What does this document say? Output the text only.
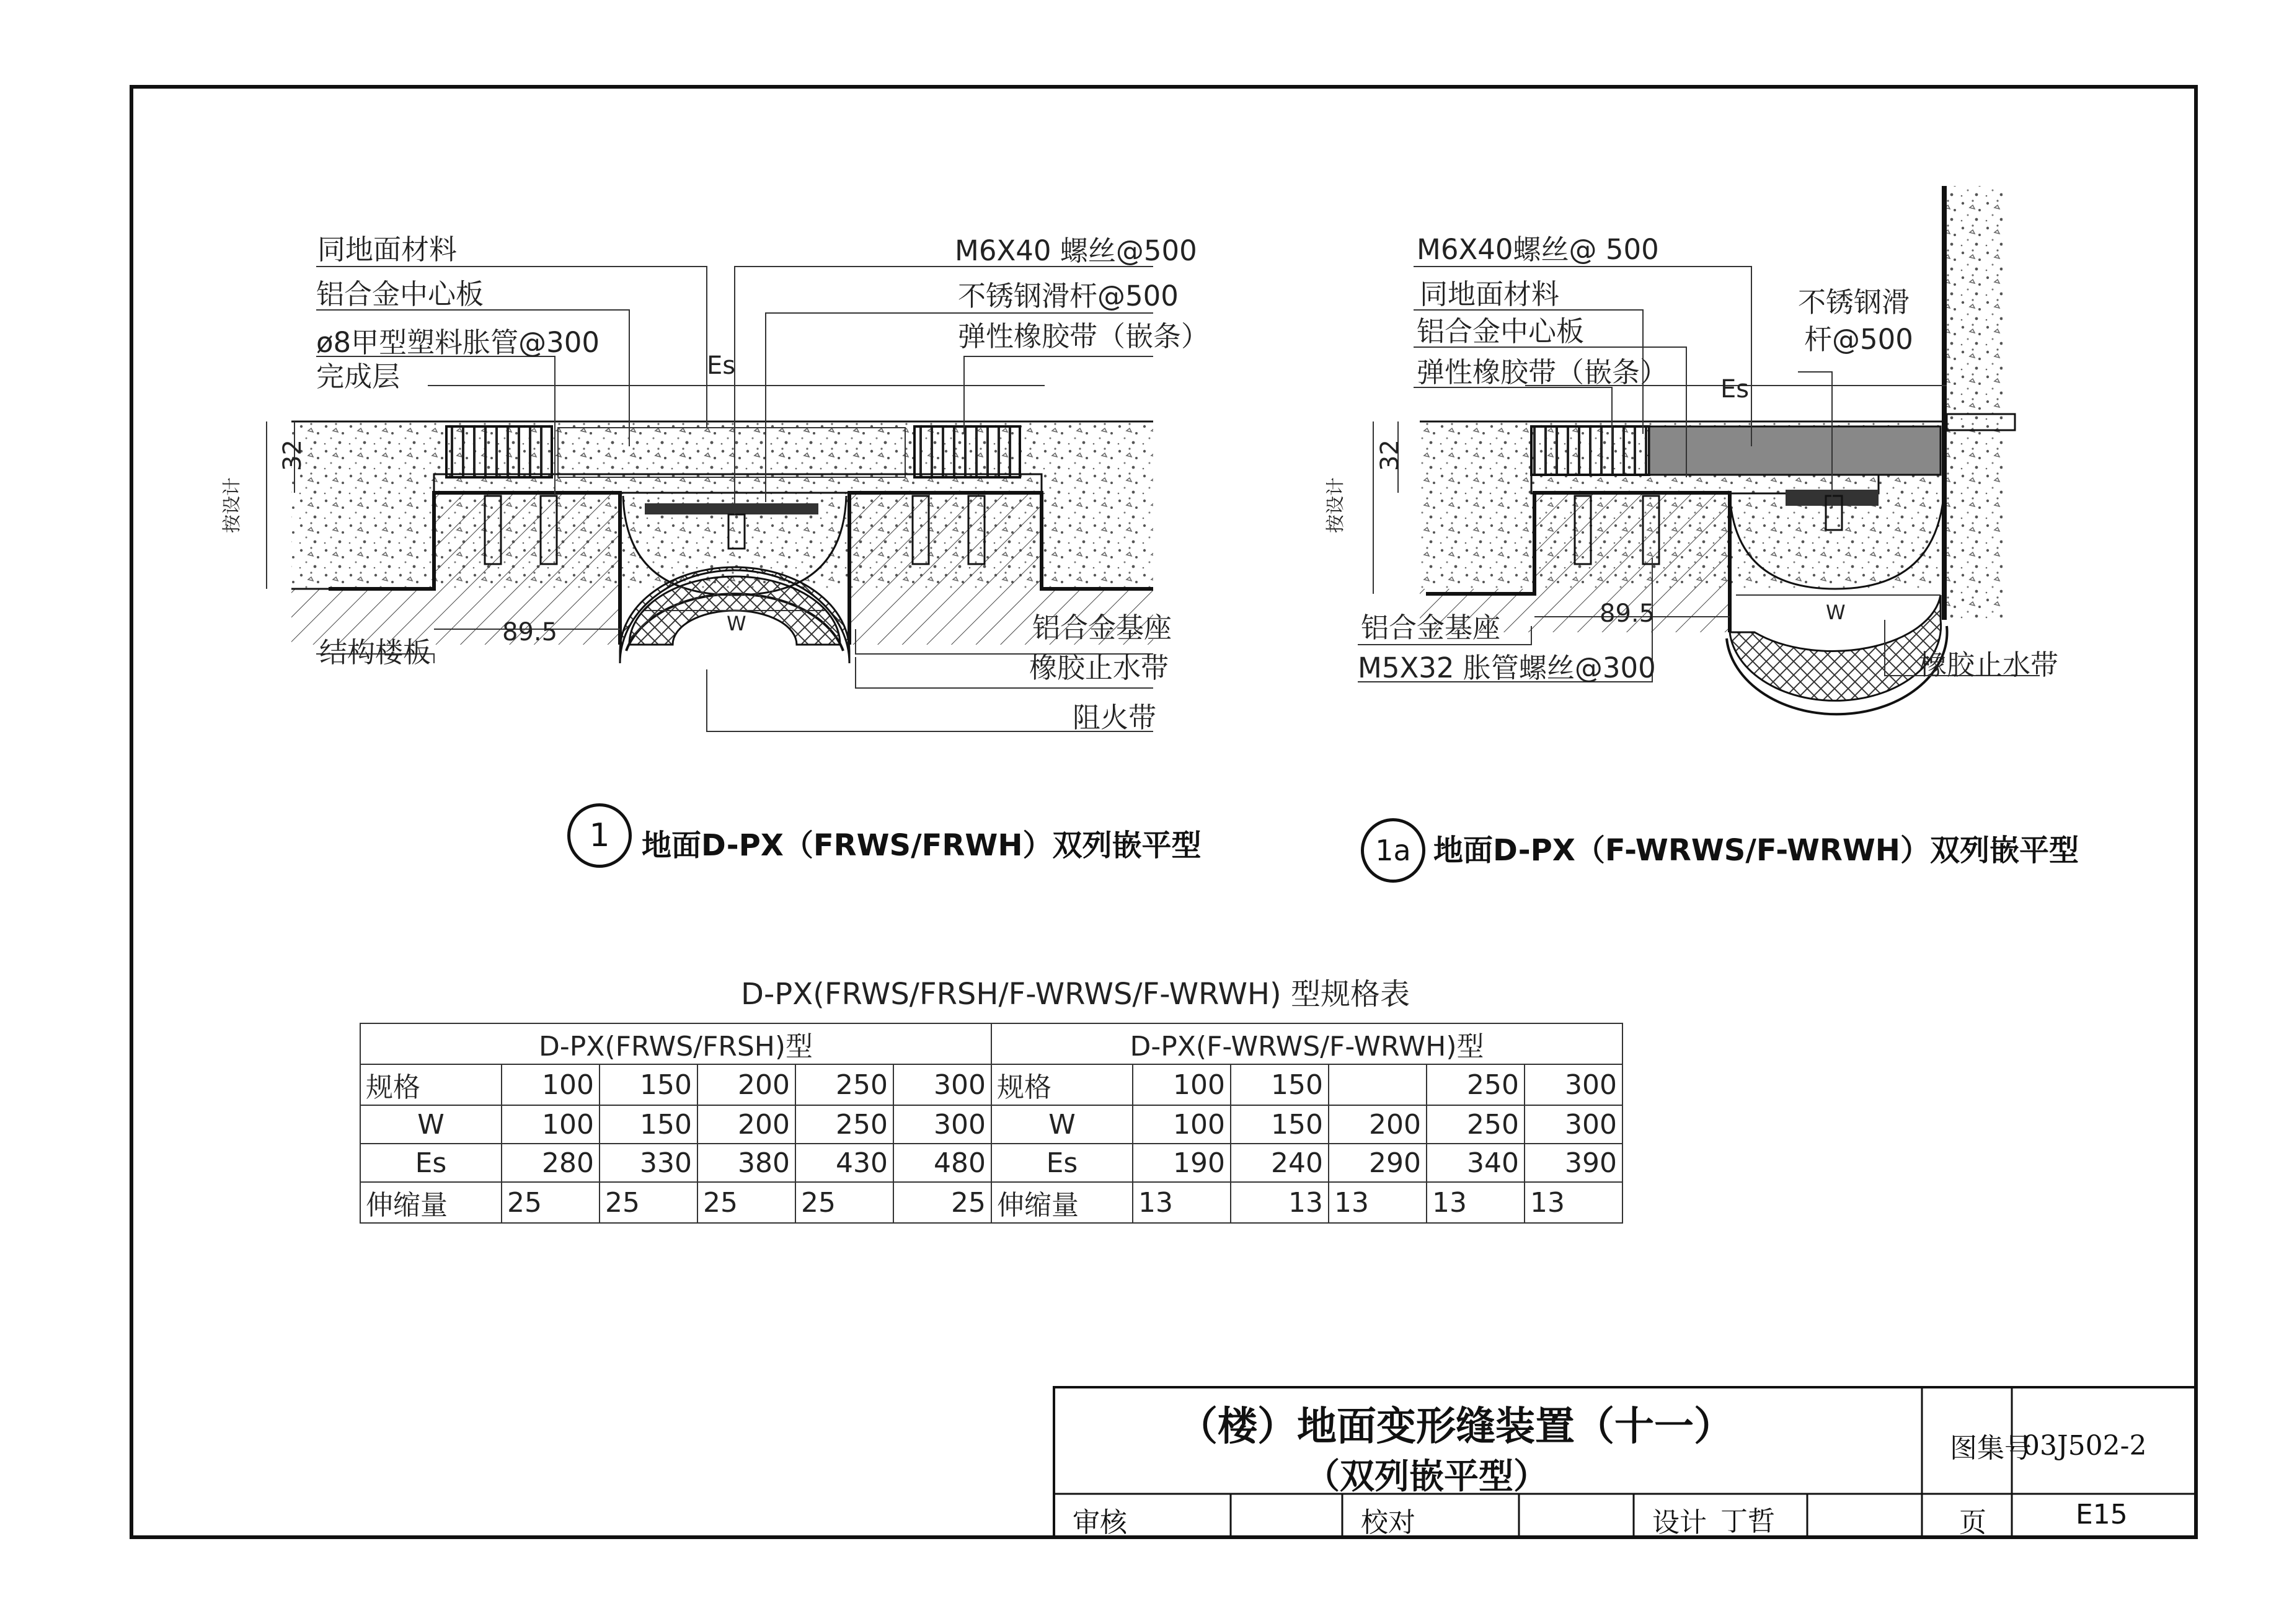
同地面材料
铝合金中心板
ø8甲型塑料胀管@300
完成层
M6X40 螺丝@500
不锈钢滑杆@500
弹性橡胶带（嵌条）
结构楼板
铝合金基座
橡胶止水带
阻火带
Es
32
按设计
89.5	W
M6X40螺丝@ 500
同地面材料
铝合金中心板
弹性橡胶带（嵌条）
不锈钢滑
杆@500
铝合金基座
M5X32 胀管螺丝@300	橡胶止水带
Es
32
按设计
89.5	W
1	地面D-PX（FRWS/FRWH）双列嵌平型	1a 地面D-PX（F-WRWS/F-WRWH）双列嵌平型
D-PX(FRWS/FRSH/F-WRWS/F-WRWH) 型规格表
D-PX(FRWS/FRSH)型						D-PX(F-WRWS/F-WRWH)型					
规格	100	150	200	250	300	规格	100	150		250	300
W	100	150	200	250	300	W	100	150	200	250	300
Es	280	330	380	430	480	Es	190	240	290	340	390
伸缩量	25	25	25	25	25	伸缩量	13	13	13	13	13
（楼）地面变形缝装置（十一）
（双列嵌平型）
图集号
03J502-2
审核	校对	设计 丁哲	页	E15
